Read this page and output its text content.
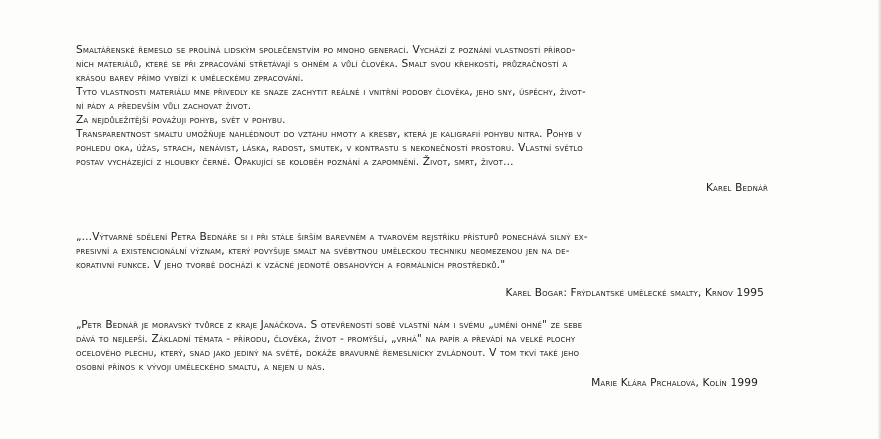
Smaltářenské řemeslo se prolíná lidským společenstvím po mnoho generací. Vychází z poznání vlastností přírod-
ních materiálů, které se při zpracování střetávají s ohněm a vůlí člověka. Smalt svou křehkostí, průzračností a
krásou barev přímo vybízí k uměleckému zpracování.
Tyto vlastnosti materiálu mne přivedly ke snaze zachytit reálné i vnitřní podoby člověka, jeho sny, úspěchy, život-
ní pády a především vůli zachovat život.
Za nejdůležitější považuji pohyb, svět v pohybu.
Transparentnost smaltu umožňuje nahlédnout do vztahu hmoty a kresby, která je kaligrafií pohybu nitra. Pohyb v
pohledu oka, úžas, strach, nenávist, láska, radost, smutek, v kontrastu s nekonečností prostoru. Vlastní světlo
postav vycházející z hloubky černé. Opakující se koloběh poznání a zapomnění. Život, smrt, život...
Karel Bednář
„...Výtvarné sdělení Petra Bednáře si i při stále širším barevném a tvarovém rejstříku přístupů ponechává silný ex-
presivní a existencionální význam, který povyšuje smalt na svébytnou uměleckou techniku neomezenou jen na de-
korativní funkce. V jeho tvorbě dochází k vzácné jednotě obsahových a formálních prostředků."
Karel Bogar: Frýdlantské umělecké smalty, Krnov 1995
„Petr Bednář je moravský tvůrce z kraje Janáčkova. S otevřeností sobě vlastní nám i svému „umění ohně" ze sebe
dává to nejlepší. Základní témata - přírodu, člověka, život - promýšlí, „vrhá" na papír a převádí na velké plochy
ocelového plechu, který, snad jako jediný na světě, dokáže bravurně řemeslnicky zvládnout. V tom tkví také jeho
osobní přínos k vývoji uměleckého smaltu, a nejen u nás.
Marie Klára Prchalová, Kolín 1999
